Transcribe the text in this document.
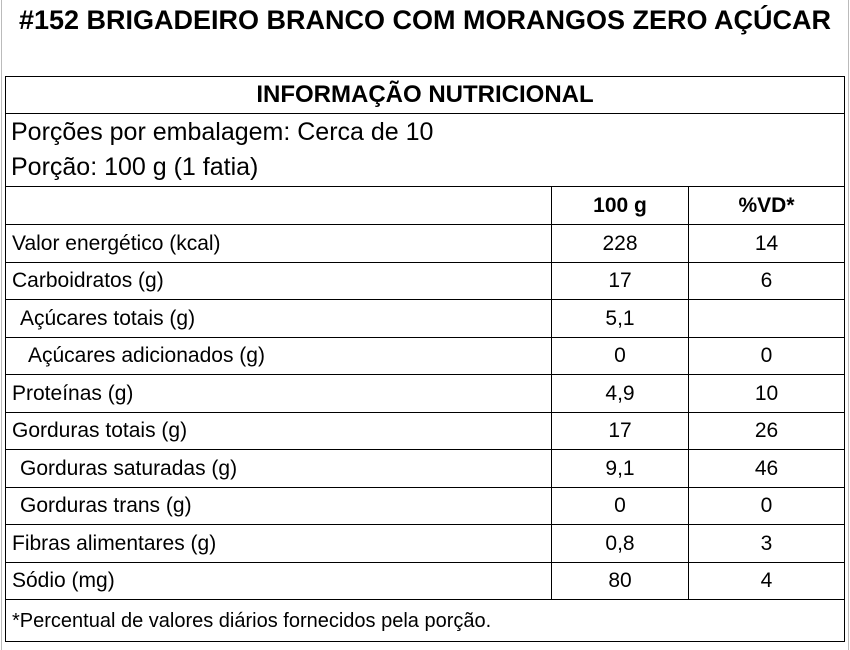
#152 BRIGADEIRO BRANCO COM MORANGOS ZERO AÇÚCAR
INFORMAÇÃO NUTRICIONAL		

Porções por embalagem: Cerca de 10
Porção: 100 g (1 fatia)		

	100 g	%VD*
Valor energético (kcal)	228	14
Carboidratos (g)	17	6
Açúcares totais (g)	5,1	
Açúcares adicionados (g)	0	0
Proteínas (g)	4,9	10
Gorduras totais (g)	17	26
Gorduras saturadas (g)	9,1	46
Gorduras trans (g)	0	0
Fibras alimentares (g)	0,8	3
Sódio (mg)	80	4
*Percentual de valores diários fornecidos pela porção.		
